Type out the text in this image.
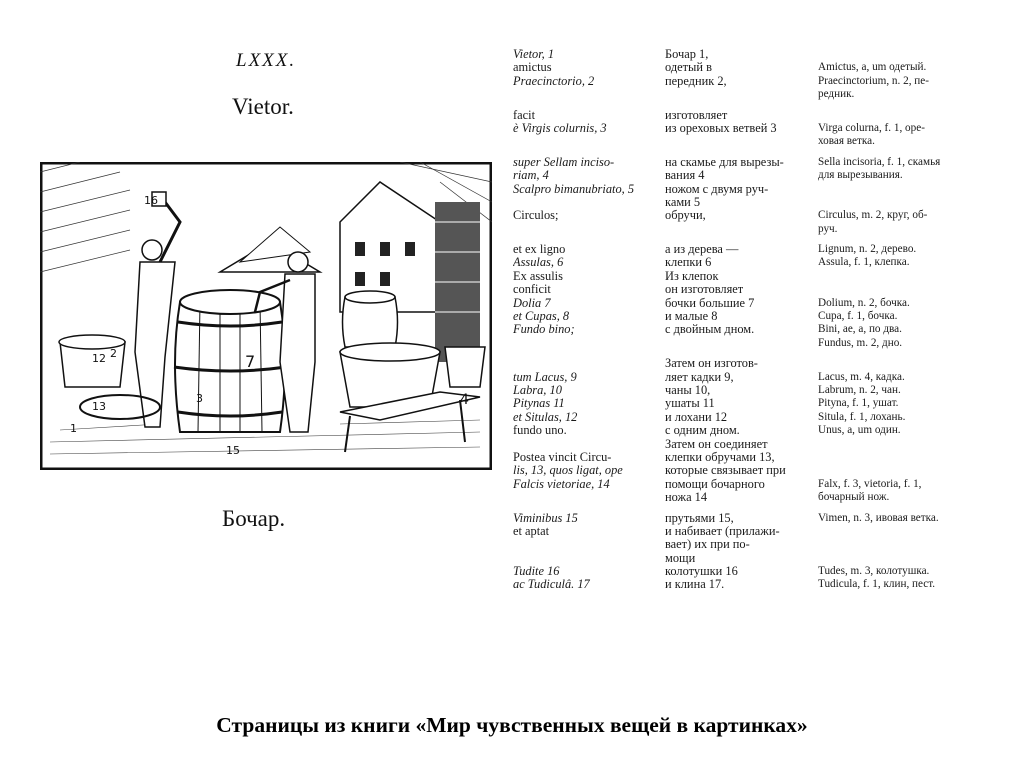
LXXX.
Vietor.
16
2
12	7
4
13
3
15
1
Бочар.
Vietor, 1	Бочар 1,
amictus	одетый в	Amictus, a, um одетый.
Praecinctorio, 2	передник 2,	Praecinctorium, n. 2, пе-
редник.
facit	изготовляет
è Virgis colurnis, 3	из ореховых ветвей 3	Virga colurna, f. 1, оре-
ховая ветка.
super Sellam incisо-	на скамье для вырезы-	Sella incisoria, f. 1, скамья
riam, 4	вания 4	для вырезывания.
Scalpro bimanubriato, 5	ножом с двумя руч-
ками 5
Circulos;	обручи,	Circulus, m. 2, круг, об-
руч.
et ex ligno	а из дерева —	Lignum, n. 2, дерево.
Assulas, 6	клепки 6	Assula, f. 1, клепка.
Ex assulis	Из клепок
conficit	он изготовляет
Dolia 7	бочки большие 7	Dolium, n. 2, бочка.
et Cupas, 8	и малые 8	Cupa, f. 1, бочка.
Fundo bino;	с двойным дном.	Bini, ae, a, по два.
Fundus, m. 2, дно.
Затем он изготов-
tum Lacus, 9	ляет кадки 9,	Lacus, m. 4, кадка.
Labra, 10	чаны 10,	Labrum, n. 2, чан.
Pitynas 11	ушаты 11	Pityna, f. 1, ушат.
et Situlas, 12	и лохани 12	Situla, f. 1, лохань.
fundo uno.	с одним дном.	Unus, a, um один.
Затем он соединяет
Postea vincit Circu-	клепки обручами 13,
lis, 13, quos ligat, ope	которые связывает при
Falcis vietoriae, 14	помощи бочарного	Falx, f. 3, vietoria, f. 1,
ножа 14	бочарный нож.
Viminibus 15	прутьями 15,	Vimen, n. 3, ивовая ветка.
et aptat	и набивает (прилажи-
вает) их при по-
мощи
Tudite 16	колотушки 16	Tudes, m. 3, колотушка.
ac Tudiculâ. 17	и клина 17.	Tudicula, f. 1, клин, пест.
Страницы из книги «Мир чувственных вещей в картинках»
